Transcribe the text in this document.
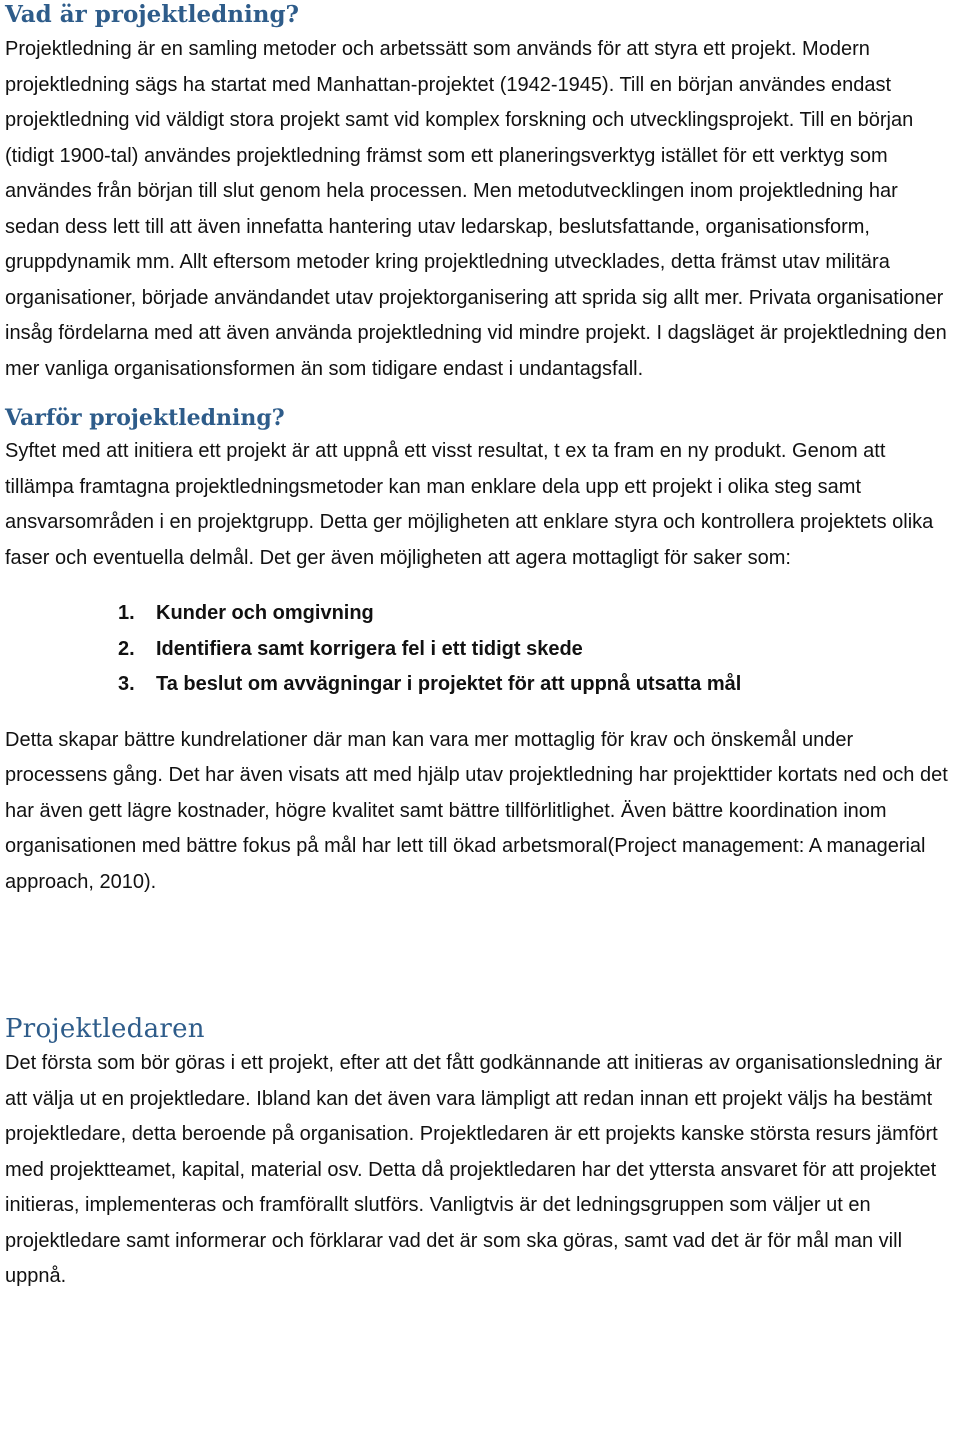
Vad är projektledning?

Projektledning är en samling metoder och arbetssätt som används för att styra ett projekt. Modern projektledning sägs ha startat med Manhattan-projektet (1942-1945). Till en början användes endast projektledning vid väldigt stora projekt samt vid komplex forskning och utvecklingsprojekt. Till en början (tidigt 1900-tal) användes projektledning främst som ett planeringsverktyg istället för ett verktyg som användes från början till slut genom hela processen. Men metodutvecklingen inom projektledning har sedan dess lett till att även innefatta hantering utav ledarskap, beslutsfattande, organisationsform, gruppdynamik mm. Allt eftersom metoder kring projektledning utvecklades, detta främst utav militära organisationer, började användandet utav projektorganisering att sprida sig allt mer. Privata organisationer insåg fördelarna med att även använda projektledning vid mindre projekt. I dagsläget är projektledning den mer vanliga organisationsformen än som tidigare endast i undantagsfall.

Varför projektledning?

Syftet med att initiera ett projekt är att uppnå ett visst resultat, t ex ta fram en ny produkt. Genom att tillämpa framtagna projektledningsmetoder kan man enklare dela upp ett projekt i olika steg samt ansvarsområden i en projektgrupp. Detta ger möjligheten att enklare styra och kontrollera projektets olika faser och eventuella delmål. Det ger även möjligheten att agera mottagligt för saker som:

1.	Kunder och omgivning
2.	Identifiera samt korrigera fel i ett tidigt skede
3.	Ta beslut om avvägningar i projektet för att uppnå utsatta mål

Detta skapar bättre kundrelationer där man kan vara mer mottaglig för krav och önskemål under processens gång. Det har även visats att med hjälp utav projektledning har projekttider kortats ned och det har även gett lägre kostnader, högre kvalitet samt bättre tillförlitlighet. Även bättre koordination inom organisationen med bättre fokus på mål har lett till ökad arbetsmoral(Project management: A managerial approach, 2010).

Projektledaren

Det första som bör göras i ett projekt, efter att det fått godkännande att initieras av organisationsledning är att välja ut en projektledare. Ibland kan det även vara lämpligt att redan innan ett projekt väljs ha bestämt projektledare, detta beroende på organisation. Projektledaren är ett projekts kanske största resurs jämfört med projektteamet, kapital, material osv. Detta då projektledaren har det yttersta ansvaret för att projektet initieras, implementeras och framförallt slutförs. Vanligtvis är det ledningsgruppen som väljer ut en projektledare samt informerar och förklarar vad det är som ska göras, samt vad det är för mål man vill uppnå.
